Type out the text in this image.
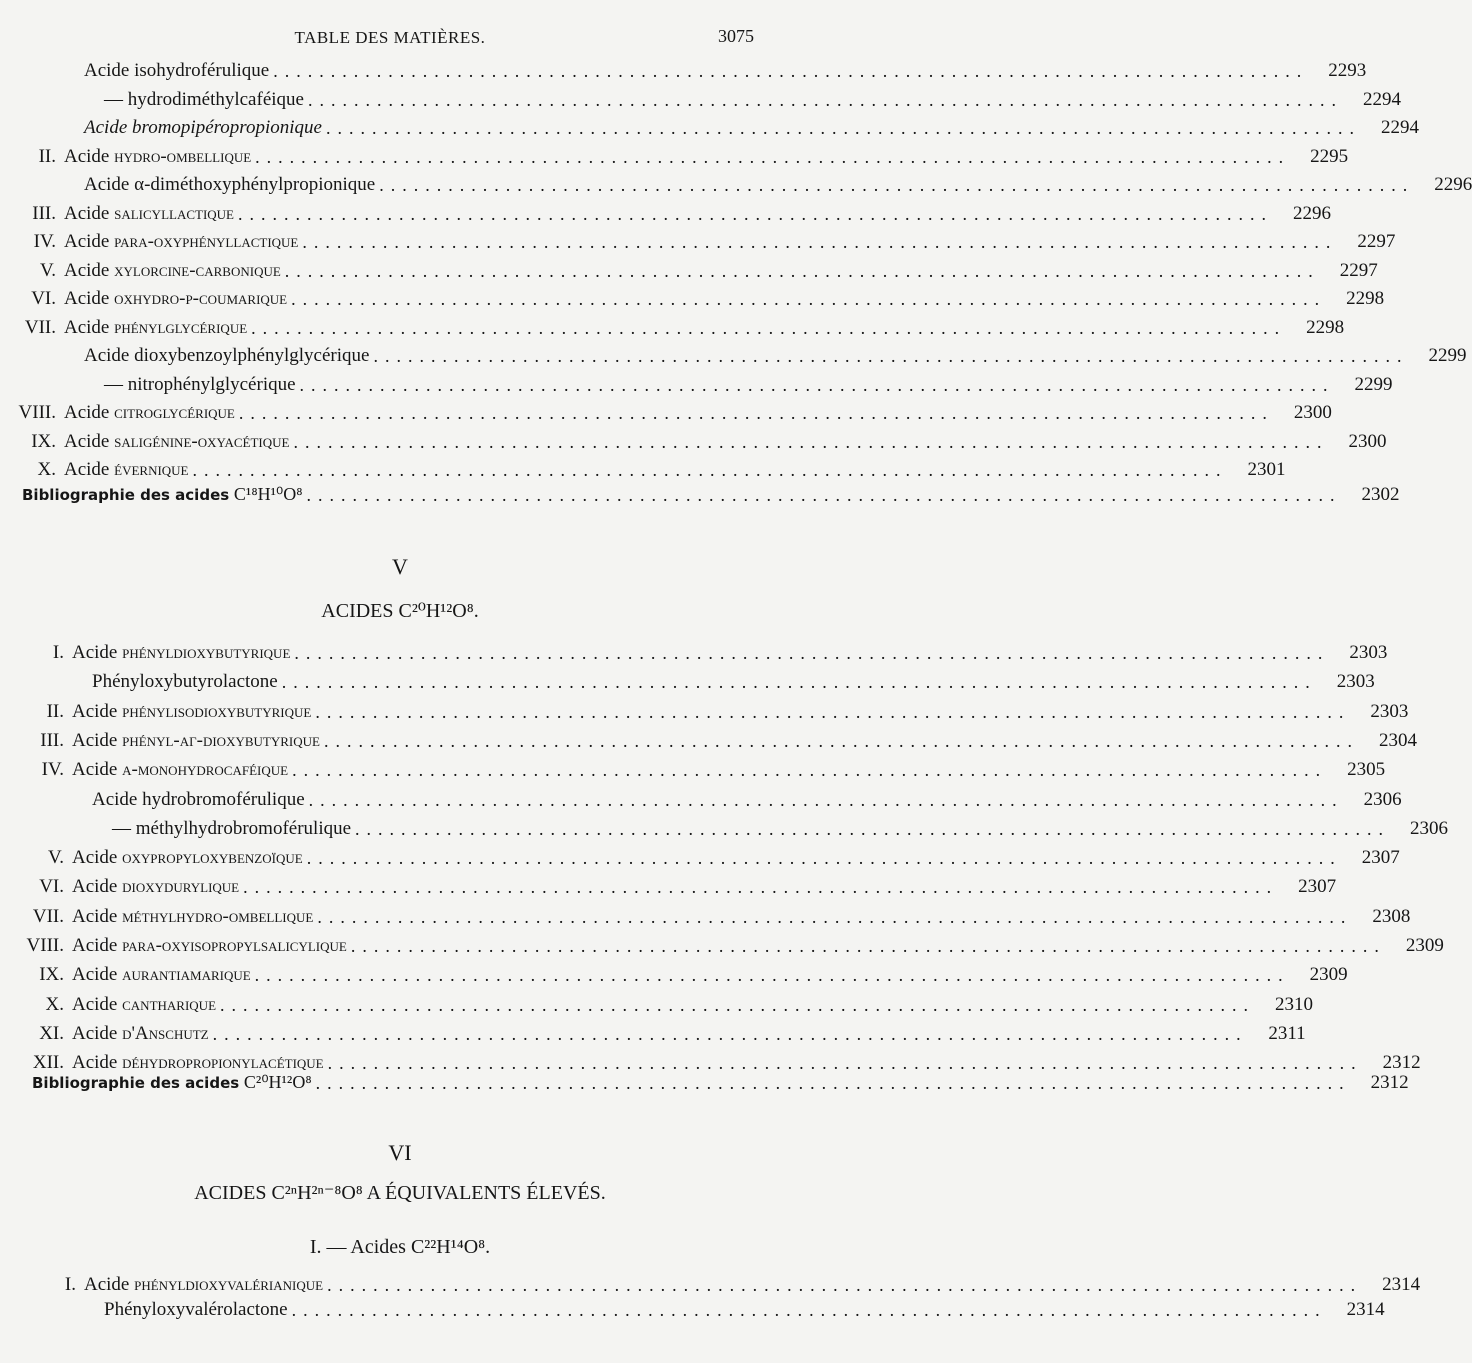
TABLE DES MATIÈRES.	3075
Acide isohydroférulique ..........................................................................................	2293
— hydrodiméthylcaféique ..........................................................................................	2294
Acide bromopipéropropionique ..........................................................................................	2294
II. Acide hydro-ombellique ..........................................................................................	2295
Acide α-diméthoxyphénylpropionique ..........................................................................................	2296
III. Acide salicyllactique ..........................................................................................	2296
IV. Acide para-oxyphényllactique ..........................................................................................	2297
V. Acide xylorcine-carbonique ..........................................................................................	2297
VI. Acide oxhydro-p-coumarique ..........................................................................................	2298
VII. Acide phénylglycérique ..........................................................................................	2298
Acide dioxybenzoylphénylglycérique ..........................................................................................	2299
— nitrophénylglycérique ..........................................................................................	2299
VIII. Acide citroglycérique ..........................................................................................	2300
IX. Acide saligénine-oxyacétique ..........................................................................................	2300
X. Acide évernique ..........................................................................................	2301
Bibliographie des acides C¹⁸H¹⁰O⁸ ..........................................................................................	2302
V
ACIDES C²⁰H¹²O⁸.
I. Acide phényldioxybutyrique ..........................................................................................	2303
Phényloxybutyrolactone ..........................................................................................	2303
II. Acide phénylisodioxybutyrique ..........................................................................................	2303
III. Acide phényl-αγ-dioxybutyrique ..........................................................................................	2304
IV. Acide α-monohydrocaféique ..........................................................................................	2305
Acide hydrobromoférulique ..........................................................................................	2306
— méthylhydrobromoférulique ..........................................................................................	2306
V. Acide oxypropyloxybenzoïque ..........................................................................................	2307
VI. Acide dioxydurylique ..........................................................................................	2307
VII. Acide méthylhydro-ombellique ..........................................................................................	2308
VIII. Acide para-oxyisopropylsalicylique ..........................................................................................	2309
IX. Acide aurantiamarique ..........................................................................................	2309
X. Acide cantharique ..........................................................................................	2310
XI. Acide d'Anschutz ..........................................................................................	2311
XII. Acide déhydropropionylacétique ..........................................................................................	2312
Bibliographie des acides C²⁰H¹²O⁸ ..........................................................................................	2312
VI
ACIDES C²ⁿH²ⁿ⁻⁸O⁸ A ÉQUIVALENTS ÉLEVÉS.
I. — Acides C²²H¹⁴O⁸.
I. Acide phényldioxyvalérianique ..........................................................................................	2314
Phényloxyvalérolactone ..........................................................................................	2314
